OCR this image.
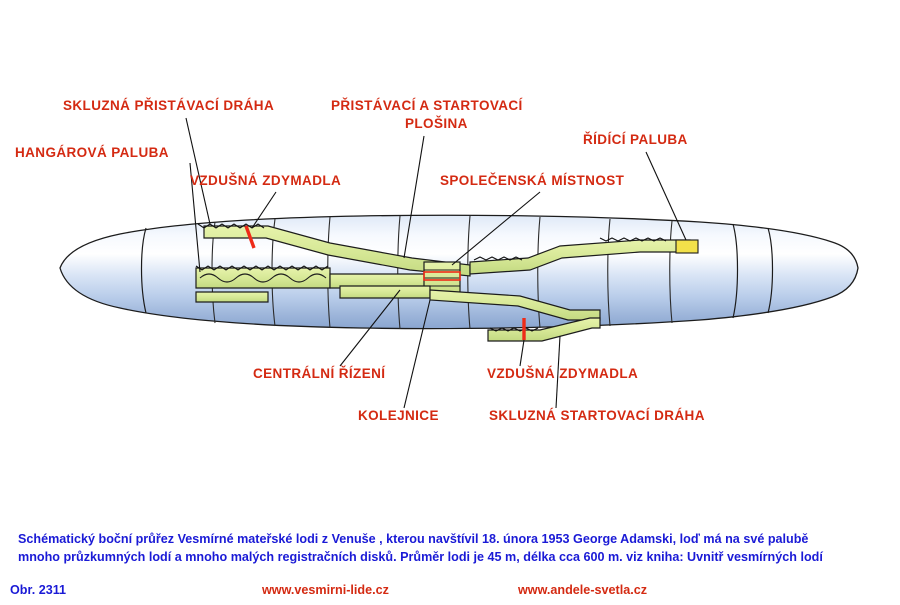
SKLUZNÁ PŘISTÁVACÍ DRÁHA	PŘISTÁVACÍ A STARTOVACÍ
PLOŠINA
ŘÍDÍCÍ PALUBA
HANGÁROVÁ PALUBA
VZDUŠNÁ ZDYMADLA	SPOLEČENSKÁ MÍSTNOST
CENTRÁLNÍ ŘÍZENÍ	VZDUŠNÁ ZDYMADLA
KOLEJNICE	SKLUZNÁ STARTOVACÍ DRÁHA
Schématický boční průřez Vesmírné mateřské lodi z Venuše , kterou navštívil 18. února 1953 George Adamski, loď má na své palubě
mnoho průzkumných lodí a mnoho malých registračních disků. Průměr lodi je 45 m, délka cca 600 m. viz kniha: Uvnitř vesmírných lodí
Obr. 2311	www.vesmirni-lide.cz	www.andele-svetla.cz
